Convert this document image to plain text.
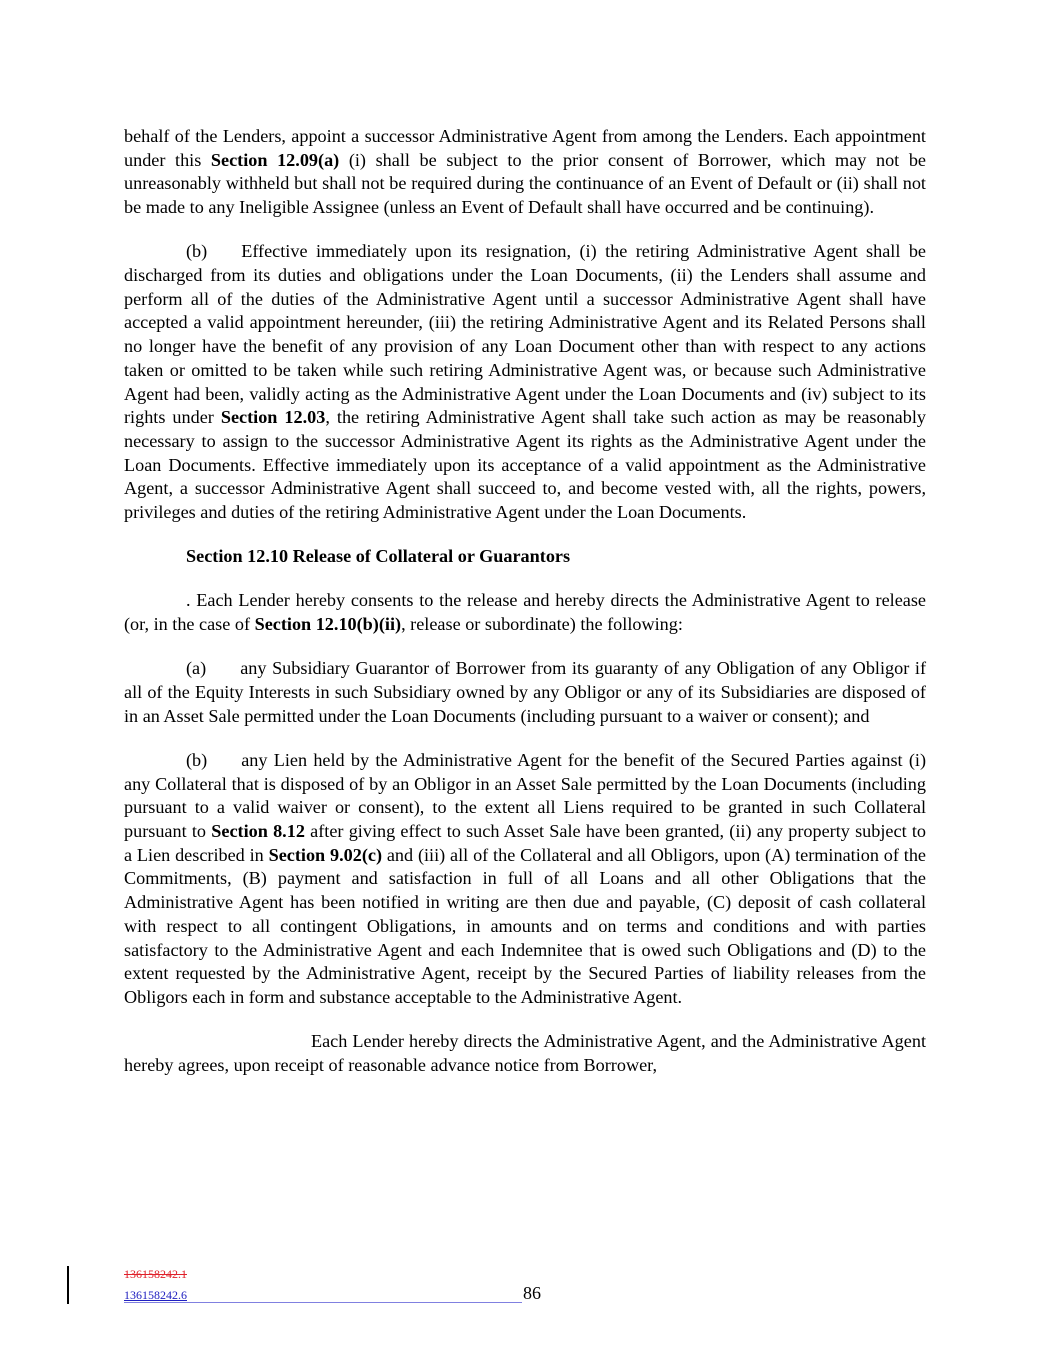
behalf of the Lenders, appoint a successor Administrative Agent from among the Lenders. Each appointment under this Section 12.09(a) (i) shall be subject to the prior consent of Borrower, which may not be unreasonably withheld but shall not be required during the continuance of an Event of Default or (ii) shall not be made to any Ineligible Assignee (unless an Event of Default shall have occurred and be continuing).

(b) Effective immediately upon its resignation, (i) the retiring Administrative Agent shall be discharged from its duties and obligations under the Loan Documents, (ii) the Lenders shall assume and perform all of the duties of the Administrative Agent until a successor Administrative Agent shall have accepted a valid appointment hereunder, (iii) the retiring Administrative Agent and its Related Persons shall no longer have the benefit of any provision of any Loan Document other than with respect to any actions taken or omitted to be taken while such retiring Administrative Agent was, or because such Administrative Agent had been, validly acting as the Administrative Agent under the Loan Documents and (iv) subject to its rights under Section 12.03, the retiring Administrative Agent shall take such action as may be reasonably necessary to assign to the successor Administrative Agent its rights as the Administrative Agent under the Loan Documents. Effective immediately upon its acceptance of a valid appointment as the Administrative Agent, a successor Administrative Agent shall succeed to, and become vested with, all the rights, powers, privileges and duties of the retiring Administrative Agent under the Loan Documents.

Section 12.10 Release of Collateral or Guarantors

. Each Lender hereby consents to the release and hereby directs the Administrative Agent to release (or, in the case of Section 12.10(b)(ii), release or subordinate) the following:

(a) any Subsidiary Guarantor of Borrower from its guaranty of any Obligation of any Obligor if all of the Equity Interests in such Subsidiary owned by any Obligor or any of its Subsidiaries are disposed of in an Asset Sale permitted under the Loan Documents (including pursuant to a waiver or consent); and

(b) any Lien held by the Administrative Agent for the benefit of the Secured Parties against (i) any Collateral that is disposed of by an Obligor in an Asset Sale permitted by the Loan Documents (including pursuant to a valid waiver or consent), to the extent all Liens required to be granted in such Collateral pursuant to Section 8.12 after giving effect to such Asset Sale have been granted, (ii) any property subject to a Lien described in Section 9.02(c) and (iii) all of the Collateral and all Obligors, upon (A) termination of the Commitments, (B) payment and satisfaction in full of all Loans and all other Obligations that the Administrative Agent has been notified in writing are then due and payable, (C) deposit of cash collateral with respect to all contingent Obligations, in amounts and on terms and conditions and with parties satisfactory to the Administrative Agent and each Indemnitee that is owed such Obligations and (D) to the extent requested by the Administrative Agent, receipt by the Secured Parties of liability releases from the Obligors each in form and substance acceptable to the Administrative Agent.

Each Lender hereby directs the Administrative Agent, and the Administrative Agent hereby agrees, upon receipt of reasonable advance notice from Borrower,

136158242.1
136158242.6	86
